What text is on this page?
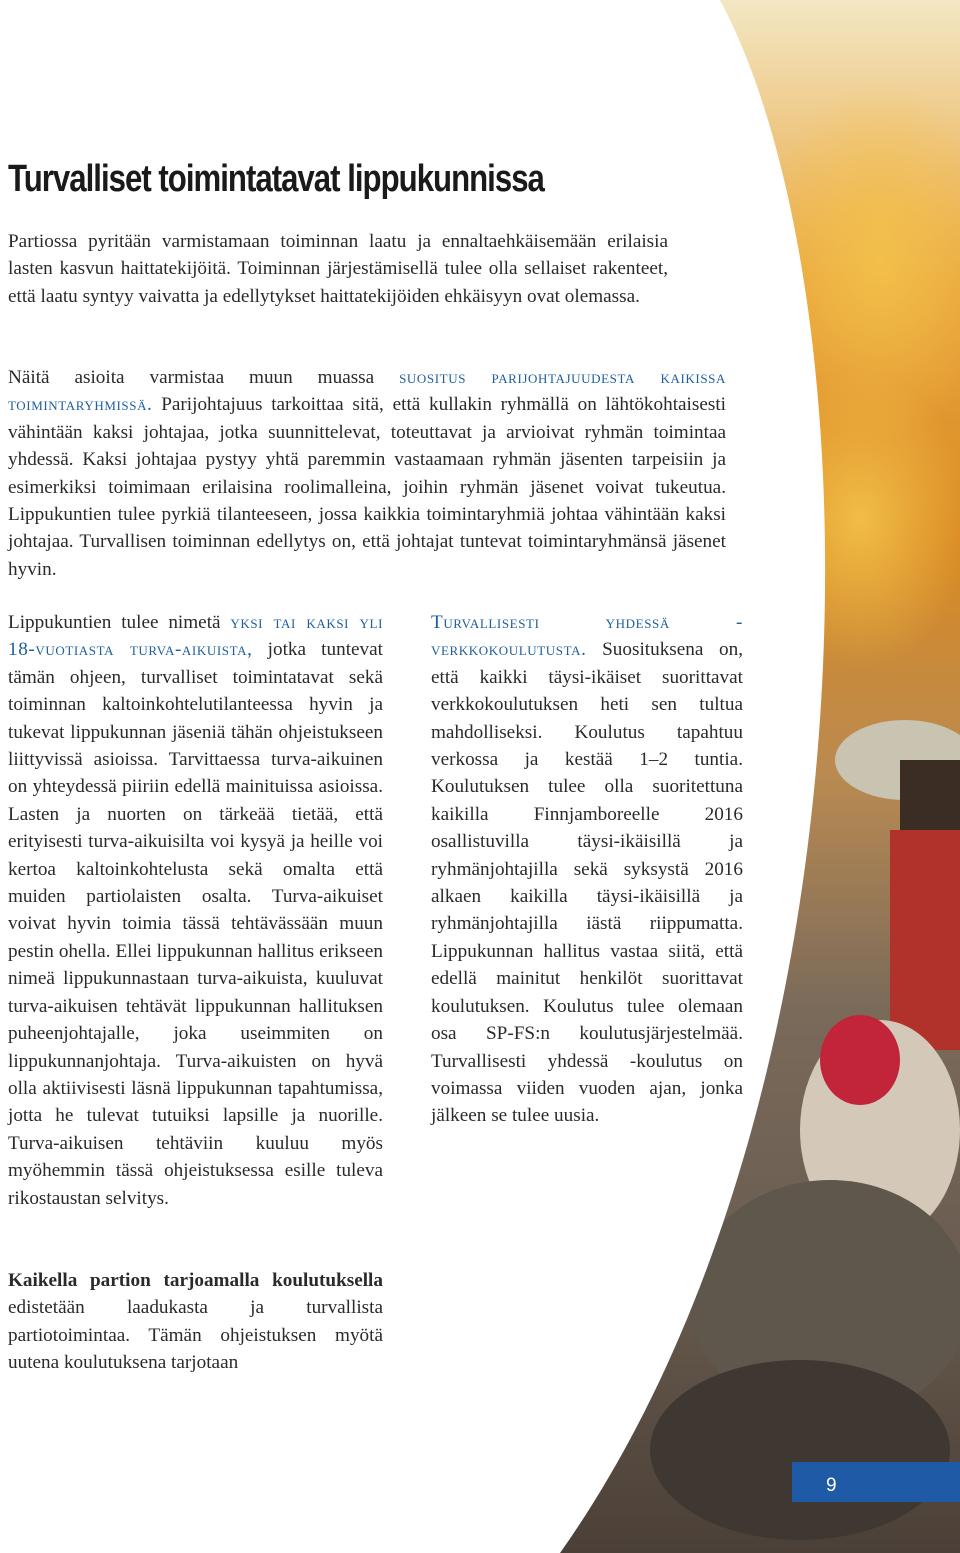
9
Turvalliset toimintatavat lippukunnissa

Partiossa pyritään varmistamaan toiminnan laatu ja ennaltaehkäisemään erilaisia lasten kasvun haittatekijöitä. Toiminnan järjestämisellä tulee olla sellaiset rakenteet, että laatu syntyy vaivatta ja edellytykset haittatekijöiden ehkäisyyn ovat olemassa.

Näitä asioita varmistaa muun muassa suositus parijohtajuudesta kaikissa toimintaryhmissä. Parijohtajuus tarkoittaa sitä, että kullakin ryhmällä on lähtökohtaisesti vähintään kaksi johtajaa, jotka suunnittelevat, toteuttavat ja arvioivat ryhmän toimintaa yhdessä. Kaksi johtajaa pystyy yhtä paremmin vastaamaan ryhmän jäsenten tarpeisiin ja esimerkiksi toimimaan erilaisina roolimalleina, joihin ryhmän jäsenet voivat tukeutua. Lippukuntien tulee pyrkiä tilanteeseen, jossa kaikkia toimintaryhmiä johtaa vähintään kaksi johtajaa. Turvallisen toiminnan edellytys on, että johtajat tuntevat toimintaryhmänsä jäsenet hyvin.

Lippukuntien tulee nimetä yksi tai kaksi yli 18-vuotiasta turva-aikuista, jotka tuntevat tämän ohjeen, turvalliset toimintatavat sekä toiminnan kaltoinkohtelutilanteessa hyvin ja tukevat lippukunnan jäseniä tähän ohjeistukseen liittyvissä asioissa. Tarvittaessa turva-aikuinen on yhteydessä piiriin edellä mainituissa asioissa. Lasten ja nuorten on tärkeää tietää, että erityisesti turva-aikuisilta voi kysyä ja heille voi kertoa kaltoinkohtelusta sekä omalta että muiden partiolaisten osalta. Turva-aikuiset voivat hyvin toimia tässä tehtävässään muun pestin ohella. Ellei lippukunnan hallitus erikseen nimeä lippukunnastaan turva-aikuista, kuuluvat turva-aikuisen tehtävät lippukunnan hallituksen puheenjohtajalle, joka useimmiten on lippukunnanjohtaja. Turva-aikuisten on hyvä olla aktiivisesti läsnä lippukunnan tapahtumissa, jotta he tulevat tutuiksi lapsille ja nuorille. Turva-aikuisen tehtäviin kuuluu myös myöhemmin tässä ohjeistuksessa esille tuleva rikostaustan selvitys.

Kaikella partion tarjoamalla koulutuksella edistetään laadukasta ja turvallista partiotoimintaa. Tämän ohjeistuksen myötä uutena koulutuksena tarjotaan

Turvallisesti yhdessä -verkkokoulutusta. Suosituksena on, että kaikki täysi-ikäiset suorittavat verkkokoulutuksen heti sen tultua mahdolliseksi. Koulutus tapahtuu verkossa ja kestää 1–2 tuntia. Koulutuksen tulee olla suoritettuna kaikilla Finnjamboreelle 2016 osallistuvilla täysi-ikäisillä ja ryhmänjohtajilla sekä syksystä 2016 alkaen kaikilla täysi-ikäisillä ja ryhmänjohtajilla iästä riippumatta. Lippukunnan hallitus vastaa siitä, että edellä mainitut henkilöt suorittavat koulutuksen. Koulutus tulee olemaan osa SP-FS:n koulutusjärjestelmää. Turvallisesti yhdessä -koulutus on voimassa viiden vuoden ajan, jonka jälkeen se tulee uusia.
